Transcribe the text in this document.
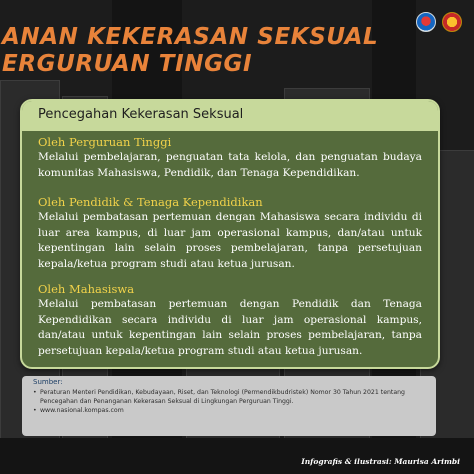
ANAN KEKERASAN SEKSUAL
ERGURUAN TINGGI
Pencegahan Kekerasan Seksual

Oleh Perguruan Tinggi

Melalui pembelajaran, penguatan tata kelola, dan penguatan budaya komunitas Mahasiswa, Pendidik, dan Tenaga Kependidikan.

Oleh Pendidik & Tenaga Kependidikan

Melalui pembatasan pertemuan dengan Mahasiswa secara individu di luar area kampus, di luar jam operasional kampus, dan/atau untuk kepentingan lain selain proses pembelajaran, tanpa persetujuan kepala/ketua program studi atau ketua jurusan.

Oleh Mahasiswa

Melalui pembatasan pertemuan dengan Pendidik dan Tenaga Kependidikan secara individu di luar jam operasional kampus, dan/atau untuk kepentingan lain selain proses pembelajaran, tanpa persetujuan kepala/ketua program studi atau ketua jurusan.

Sumber:
• Peraturan Menteri Pendidikan, Kebudayaan, Riset, dan Teknologi (Permendikbudristek) Nomor 30 Tahun 2021 tentang Pencegahan dan Penanganan Kekerasan Seksual di Lingkungan Perguruan Tinggi.
• www.nasional.kompas.com

Infografis & ilustrasi: Maurisa Arimbi
